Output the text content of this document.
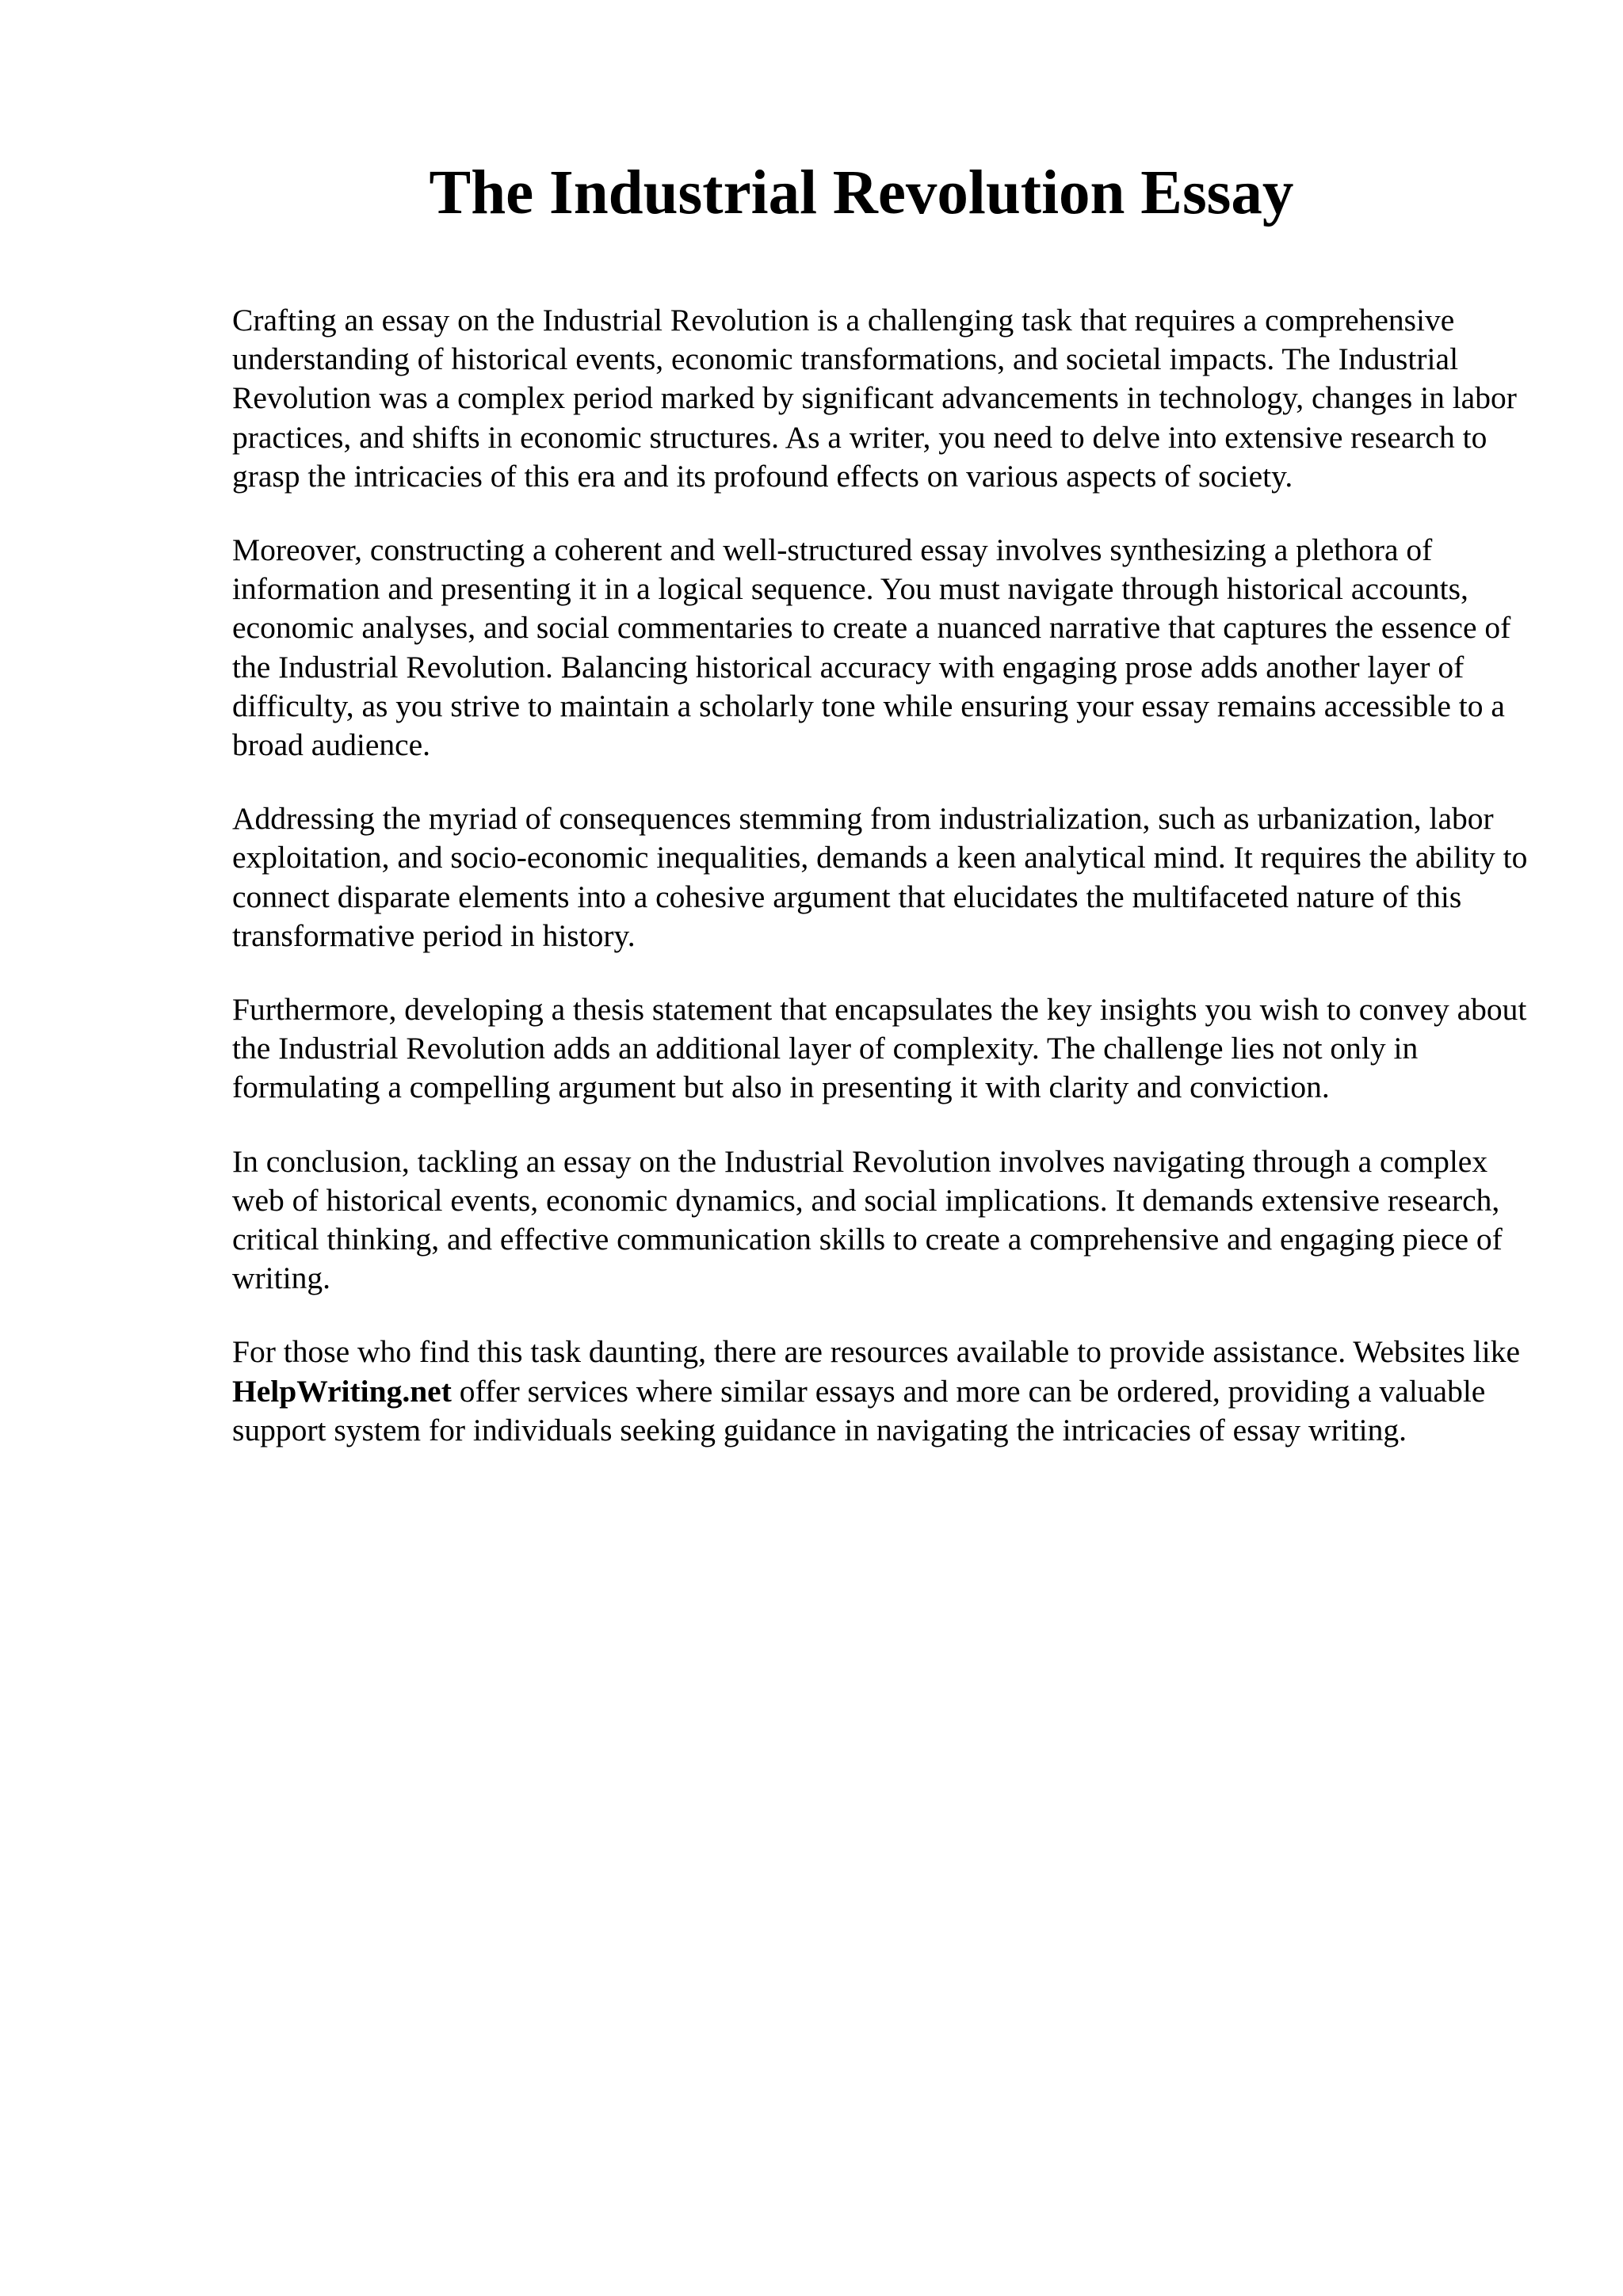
The Industrial Revolution Essay

Crafting an essay on the Industrial Revolution is a challenging task that requires a comprehensive understanding of historical events, economic transformations, and societal impacts. The Industrial Revolution was a complex period marked by significant advancements in technology, changes in labor practices, and shifts in economic structures. As a writer, you need to delve into extensive research to grasp the intricacies of this era and its profound effects on various aspects of society.

Moreover, constructing a coherent and well-structured essay involves synthesizing a plethora of information and presenting it in a logical sequence. You must navigate through historical accounts, economic analyses, and social commentaries to create a nuanced narrative that captures the essence of the Industrial Revolution. Balancing historical accuracy with engaging prose adds another layer of difficulty, as you strive to maintain a scholarly tone while ensuring your essay remains accessible to a broad audience.

Addressing the myriad of consequences stemming from industrialization, such as urbanization, labor exploitation, and socio-economic inequalities, demands a keen analytical mind. It requires the ability to connect disparate elements into a cohesive argument that elucidates the multifaceted nature of this transformative period in history.

Furthermore, developing a thesis statement that encapsulates the key insights you wish to convey about the Industrial Revolution adds an additional layer of complexity. The challenge lies not only in formulating a compelling argument but also in presenting it with clarity and conviction.

In conclusion, tackling an essay on the Industrial Revolution involves navigating through a complex web of historical events, economic dynamics, and social implications. It demands extensive research, critical thinking, and effective communication skills to create a comprehensive and engaging piece of writing.

For those who find this task daunting, there are resources available to provide assistance. Websites like HelpWriting.net offer services where similar essays and more can be ordered, providing a valuable support system for individuals seeking guidance in navigating the intricacies of essay writing.
